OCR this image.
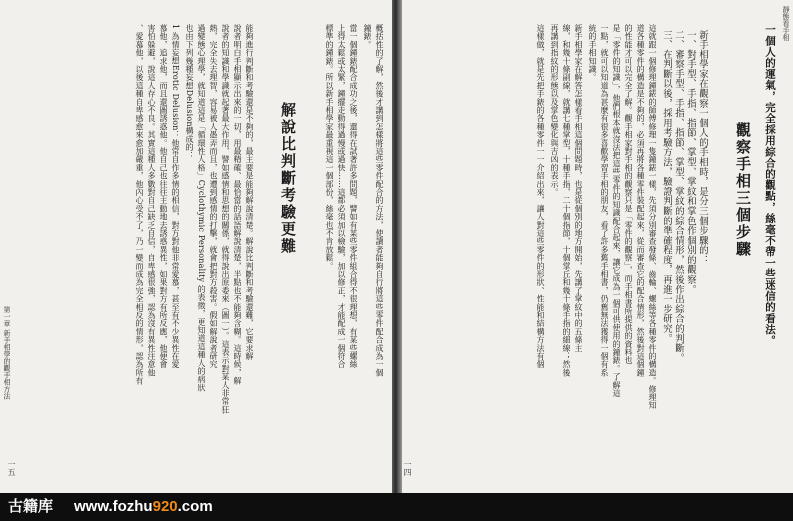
靜態看手相
一個人的運氣，完全採用綜合的觀點，絲毫不帶一些迷信的看法。
觀察手相三個步驟
新手相學家在觀察一個人的手相時，是分三個步驟的：
一、對手型、手指、指節、掌型、掌紋和掌色作個別的觀察。
二、審察手型、手指、指節、掌型、掌紋的綜合情形，然後作出綜合的判斷。
三、在判斷以後，採用考驗方法，驗證判斷的準確程度，再進一步研究。
這就跟一個修理鐘錶的師傅修理一隻鐘錶一樣，先須分別審查發條、齒輪、螺絲等各種零件的構造。修理知
道各種零件的構造是不夠的，必須再將各種零件裝配起來，從而審查它的配合情形，然後對這個鐘
的性能才可以完全了解。觀手相家對手相的觀察只是「零件的觀察」，而手相書所提供的資料也
是「零件的知識」，他們根本就沒法把這些零件的知識配合起來，讓它成為一個可供使用的鐘錶。了解這
一點，就可以知道為甚麼有很多喜歡學習手相的朋友，看了許多舊手相書，仍舊無法獲得一個有系
統的手相知識。
新手相學家在解答怎樣看手相這個問題時，也是從個別的地方開始，先講了掌紋中的五條主
線，和幾十條副線，就講七種掌型，十種手指，二十個指節，十個掌丘和幾十條手指的細線；然後
再講到指紋的形態以及掌色變化與吉凶的表示。
這樣做，就是先把手錶的各種零件一一介紹出來，讓人對這些零件的形狀、性能和結構方法有個
一四
概括性的了解，然後才講到怎樣將這些零件配合的方法，使讀者能夠自行將這些零件配合成為一個
鐘錶。
當一個鐘錶配合成功之後，還得在試著許多問題，譬如有某些零件組合得不很理想，有某些螺絲
上得太鬆或太緊，鐘擺走動得過慢或過快……這都必須加以檢驗，加以修正，才能配成一個符合
標準的鐘錶。所以新手相學家最重視這一個部份，絲毫也不肯放鬆。
解說比判斷考驗更難
能夠進行判斷和考驗還是不夠的，最主要是能夠解說清楚。解說比判斷和考驗還難，它要求解
說者明白手相顯示出來的一切，用最精確、最恰當的話語解說清楚，半點也不能夠含糊。這時候，解
說者的知識和學識就起著最大作用，譬如感情和思想的關係，就得說出原委來（圖一）。這表示對某人非常狂
熱，完全失去理智，容易被人愚弄而且，也遭到感情的打擊，就會把對方殺害。假如解說者研究
過變態心理學，就知道這是「循環性人格」Cyclothymic Personality 的表徵，更知道這種人的病狀
也由下列幾種妄想Delusion構成的：
1 為情妄想Erotic Delusion：他常自作多情的相信，對方對他非常愛慕，甚至有不少異性在愛
慕他，追求他，而且還圖誘惑他。他自己也往往主動地去誘惑異性，如果對方有所反應，他便會
害怕躲避，說這人存心不良。其實這種人多數對自己缺乏自信，自卑感很強，認為沒有異性注意他
、愛慕他，以後這種自卑感愈來愈加嚴重，他內心受不了，乃一變而成為完全相反的情形，認為所有
第一章 新手相學的觀手相方法
一五
古籍库 www.fozhu920.com
